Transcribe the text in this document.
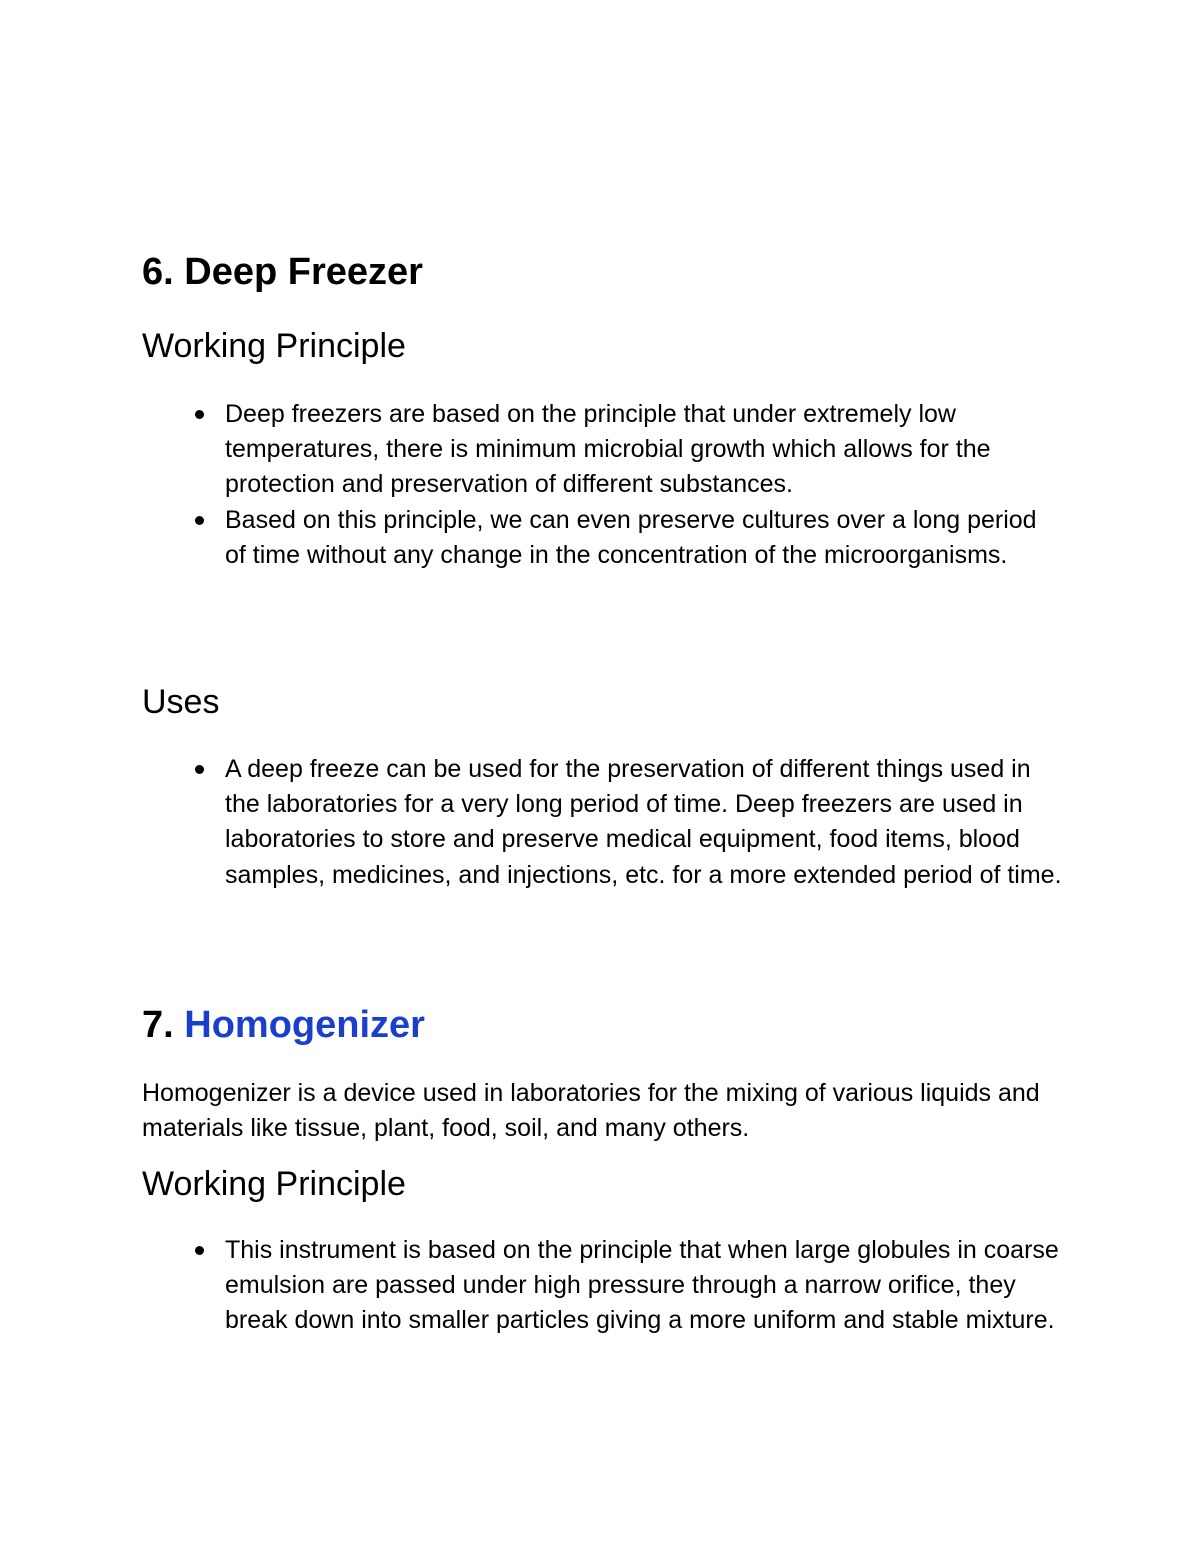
6. Deep Freezer
Working Principle
Deep freezers are based on the principle that under extremely low temperatures, there is minimum microbial growth which allows for the protection and preservation of different substances.
Based on this principle, we can even preserve cultures over a long period of time without any change in the concentration of the microorganisms.
Uses
A deep freeze can be used for the preservation of different things used in the laboratories for a very long period of time. Deep freezers are used in laboratories to store and preserve medical equipment, food items, blood samples, medicines, and injections, etc. for a more extended period of time.
7. Homogenizer

Homogenizer is a device used in laboratories for the mixing of various liquids and materials like tissue, plant, food, soil, and many others.

Working Principle
This instrument is based on the principle that when large globules in coarse emulsion are passed under high pressure through a narrow orifice, they break down into smaller particles giving a more uniform and stable mixture.
